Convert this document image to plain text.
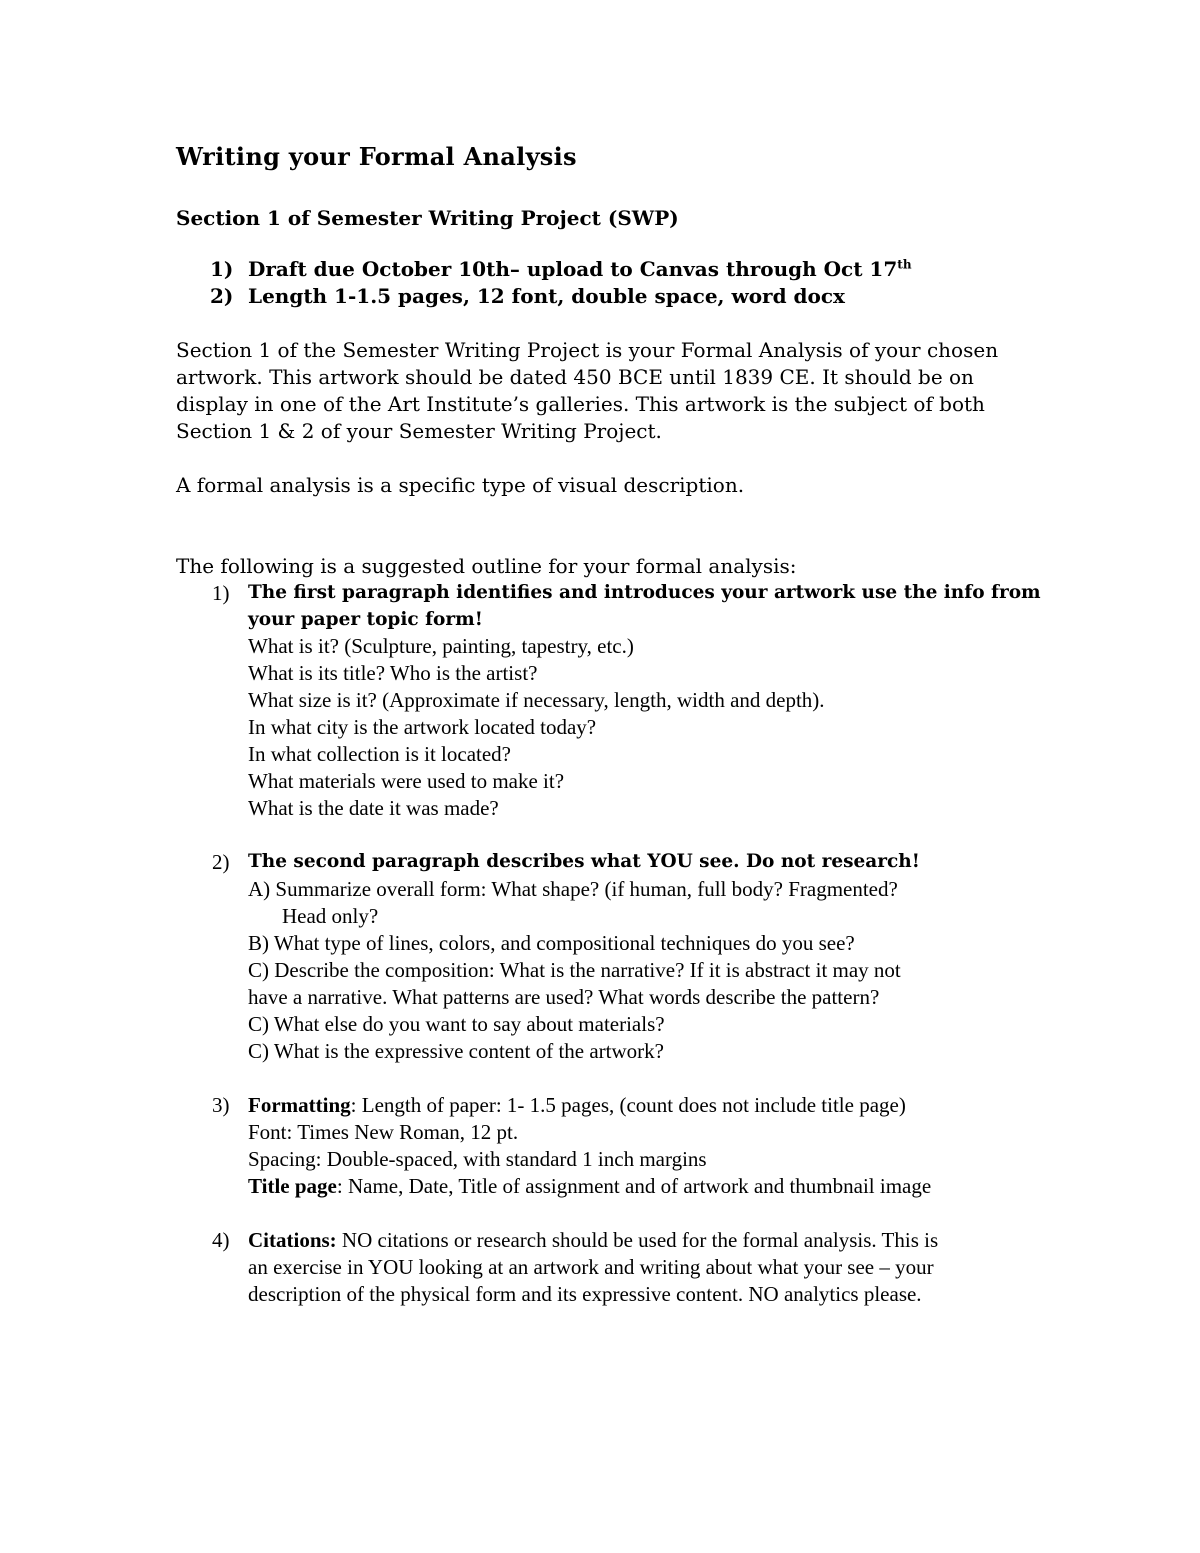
Writing your Formal Analysis
Section 1 of Semester Writing Project (SWP)
1) Draft due October 10th– upload to Canvas through Oct 17th
2) Length 1-1.5 pages, 12 font, double space, word docx
Section 1 of the Semester Writing Project is your Formal Analysis of your chosen
artwork. This artwork should be dated 450 BCE until 1839 CE. It should be on
display in one of the Art Institute’s galleries. This artwork is the subject of both
Section 1 & 2 of your Semester Writing Project.
A formal analysis is a specific type of visual description.
The following is a suggested outline for your formal analysis:
1) The first paragraph identifies and introduces your artwork use the info from
your paper topic form!
What is it? (Sculpture, painting, tapestry, etc.)
What is its title? Who is the artist?
What size is it? (Approximate if necessary, length, width and depth).
In what city is the artwork located today?
In what collection is it located?
What materials were used to make it?
What is the date it was made?
2) The second paragraph describes what YOU see. Do not research!
A) Summarize overall form: What shape? (if human, full body? Fragmented?
Head only?
B) What type of lines, colors, and compositional techniques do you see?
C) Describe the composition: What is the narrative? If it is abstract it may not
have a narrative. What patterns are used? What words describe the pattern?
C) What else do you want to say about materials?
C) What is the expressive content of the artwork?
3) Formatting: Length of paper: 1- 1.5 pages, (count does not include title page)
Font: Times New Roman, 12 pt.
Spacing: Double-spaced, with standard 1 inch margins
Title page: Name, Date, Title of assignment and of artwork and thumbnail image
4) Citations: NO citations or research should be used for the formal analysis. This is
an exercise in YOU looking at an artwork and writing about what your see – your
description of the physical form and its expressive content. NO analytics please.
